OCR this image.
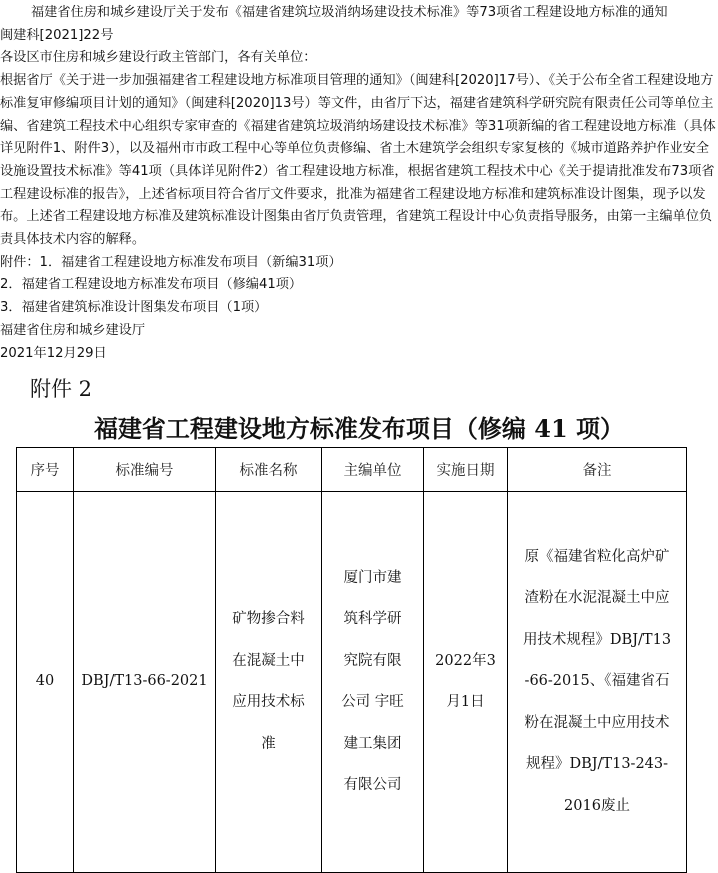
福建省住房和城乡建设厅关于发布《福建省建筑垃圾消纳场建设技术标准》等73项省工程建设地方标准的通知

闽建科[2021]22号

各设区市住房和城乡建设行政主管部门，各有关单位：

根据省厅《关于进一步加强福建省工程建设地方标准项目管理的通知》（闽建科[2020]17号）、《关于公布全省工程建设地方标准复审修编项目计划的通知》（闽建科[2020]13号）等文件，由省厅下达，福建省建筑科学研究院有限责任公司等单位主编、省建筑工程技术中心组织专家审查的《福建省建筑垃圾消纳场建设技术标准》等31项新编的省工程建设地方标准（具体详见附件1、附件3），以及福州市市政工程中心等单位负责修编、省土木建筑学会组织专家复核的《城市道路养护作业安全设施设置技术标准》等41项（具体详见附件2）省工程建设地方标准，根据省建筑工程技术中心《关于提请批准发布73项省工程建设标准的报告》，上述省标项目符合省厅文件要求，批准为福建省工程建设地方标准和建筑标准设计图集，现予以发布。上述省工程建设地方标准及建筑标准设计图集由省厅负责管理，省建筑工程设计中心负责指导服务，由第一主编单位负责具体技术内容的解释。

附件：1．福建省工程建设地方标准发布项目（新编31项）

2．福建省工程建设地方标准发布项目（修编41项）

3．福建省建筑标准设计图集发布项目（1项）

福建省住房和城乡建设厅

2021年12月29日

附件 2
福建省工程建设地方标准发布项目（修编 41 项）
序号	标准编号	标准名称	主编单位	实施日期	备注
40	DBJ/T13-66-2021	矿物掺合料在混凝土中应用技术标准	厦门市建筑科学研究院有限公司 宇旺建工集团有限公司	2022年3月1日	原《福建省粒化高炉矿渣粉在水泥混凝土中应用技术规程》DBJ/T13-66-2015、《福建省石粉在混凝土中应用技术规程》DBJ/T13-243-2016废止
